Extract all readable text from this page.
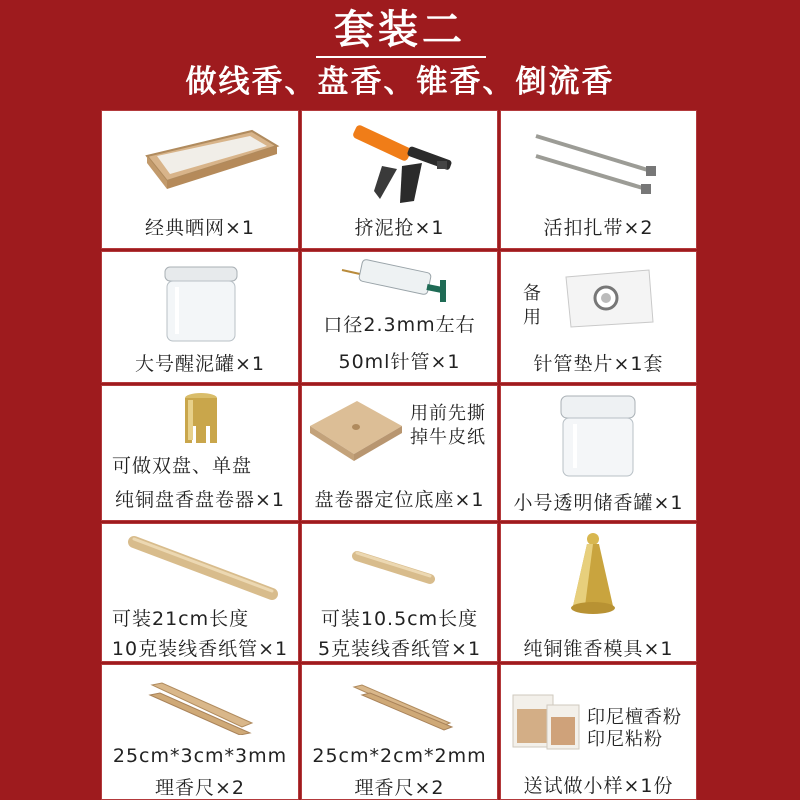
套装二
做线香、盘香、锥香、倒流香
经典晒网×1	挤泥抢×1	活扣扎带×2
大号醒泥罐×1
口径2.3mm左右
50ml针管×1
备
用
针管垫片×1套
可做双盘、单盘
纯铜盘香盘卷器×1
用前先撕
掉牛皮纸
盘卷器定位底座×1	小号透明储香罐×1
可装21cm长度
10克装线香纸管×1
可装10.5cm长度
5克装线香纸管×1	纯铜锥香模具×1
25cm*3cm*3mm
理香尺×2
25cm*2cm*2mm
理香尺×2
印尼檀香粉
印尼粘粉
送试做小样×1份
